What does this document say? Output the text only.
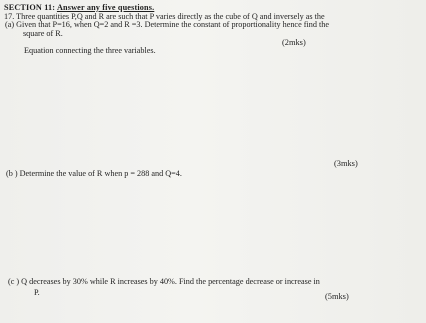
SECTION 11: Answer any five questions.
17. Three quantities P,Q and R are such that P varies directly as the cube of Q and inversely as the
square of R.
(a) Given that P=16, when Q=2 and R =3. Determine the constant of proportionality hence find the
Equation connecting the three variables.
(2mks)
(b ) Determine the value of R when p = 288 and Q=4.
(3mks)
(c ) Q decreases by 30% while R increases by 40%. Find the percentage decrease or increase in
P.	(5mks)
